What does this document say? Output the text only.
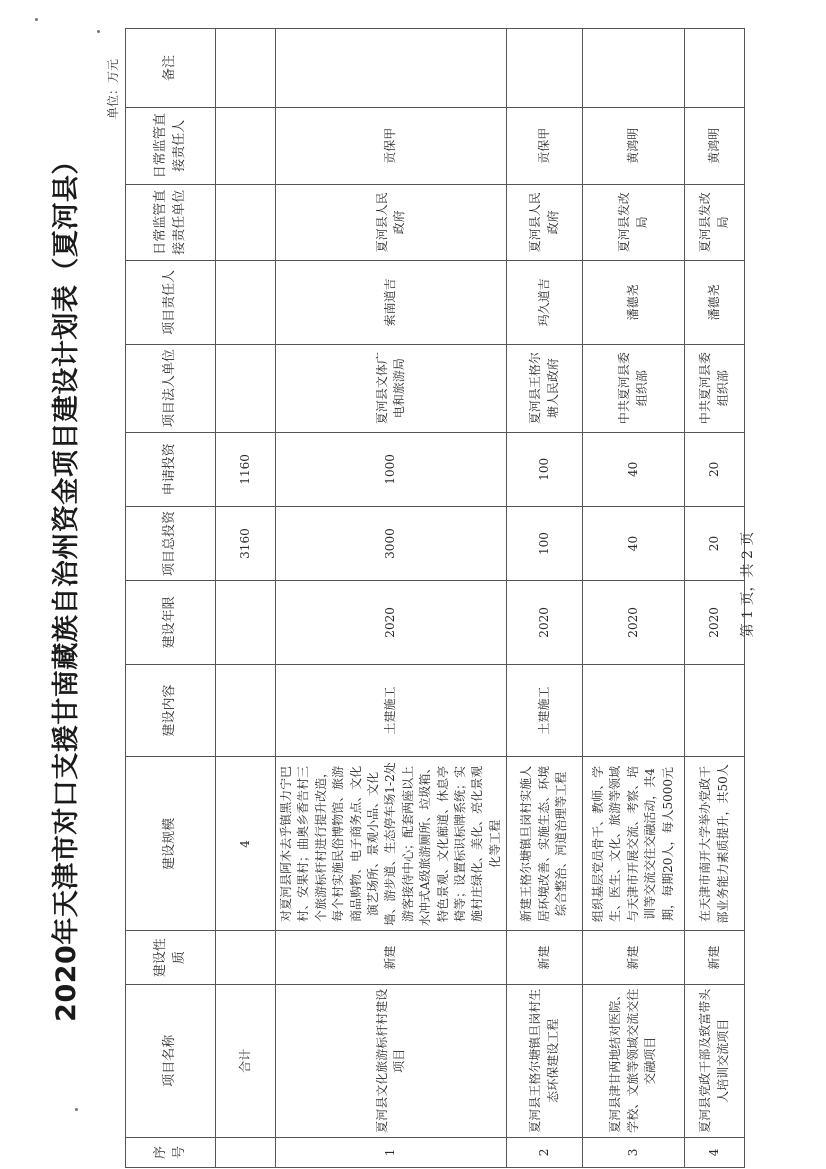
2020年天津市对口支援甘南藏族自治州资金项目建设计划表（夏河县）
单位：万元
序号	项目名称	建设性质	建设规模	建设内容	建设年限	项目总投资	申请投资	项目法人单位	项目责任人	日常监管直接责任单位	日常监管直接责任人	备注
	合计		4			3160	1160					
1	夏河县文化旅游标杆村建设项目	新建	对夏河县阿木去乎镇黑力宁巴村、安果村；曲奥乡香告村三个旅游标杆村进行提升改造，每个村实施民俗博物馆、旅游商品购物、电子商务点、文化演艺场所、景观小品、文化墙、游步道、生态停车场1-2处游客接待中心；配套两座以上水冲式A级旅游厕所、垃圾箱、特色景观、文化廊道、休息亭椅等；设置标识标牌系统；实施村庄绿化、美化、亮化景观化等工程	土建施工	2020	3000	1000	夏河县文体广电和旅游局	索南道吉	夏河县人民政府	贡保甲	
2	夏河县王格尔塘镇旦岗村生态环保建设工程	新建	新建王格尔塘镇旦岗村实施人居环境改善、实施生态、环境综合整治、河道治理等工程	土建施工	2020	100	100	夏河县王格尔塘人民政府	玛久道吉	夏河县人民政府	贡保甲	
3	夏河县津甘两地结对医院、学校、文旅等领域交流交往交融项目	新建	组织基层党员骨干、教师、学生、医生、文化、旅游等领域与天津市开展交流、考察、培训等交流交往交融活动，共4期，每期20人，每人5000元		2020	40	40	中共夏河县委组织部	潘德尧	夏河县发改局	黄鸿明	
4	夏河县党政干部及致富带头人培训交流项目	新建	在天津市南开大学举办党政干部业务能力素质提升，共50人		2020	20	20	中共夏河县委组织部	潘德尧	夏河县发改局	黄鸿明	
第 1 页，共 2 页
